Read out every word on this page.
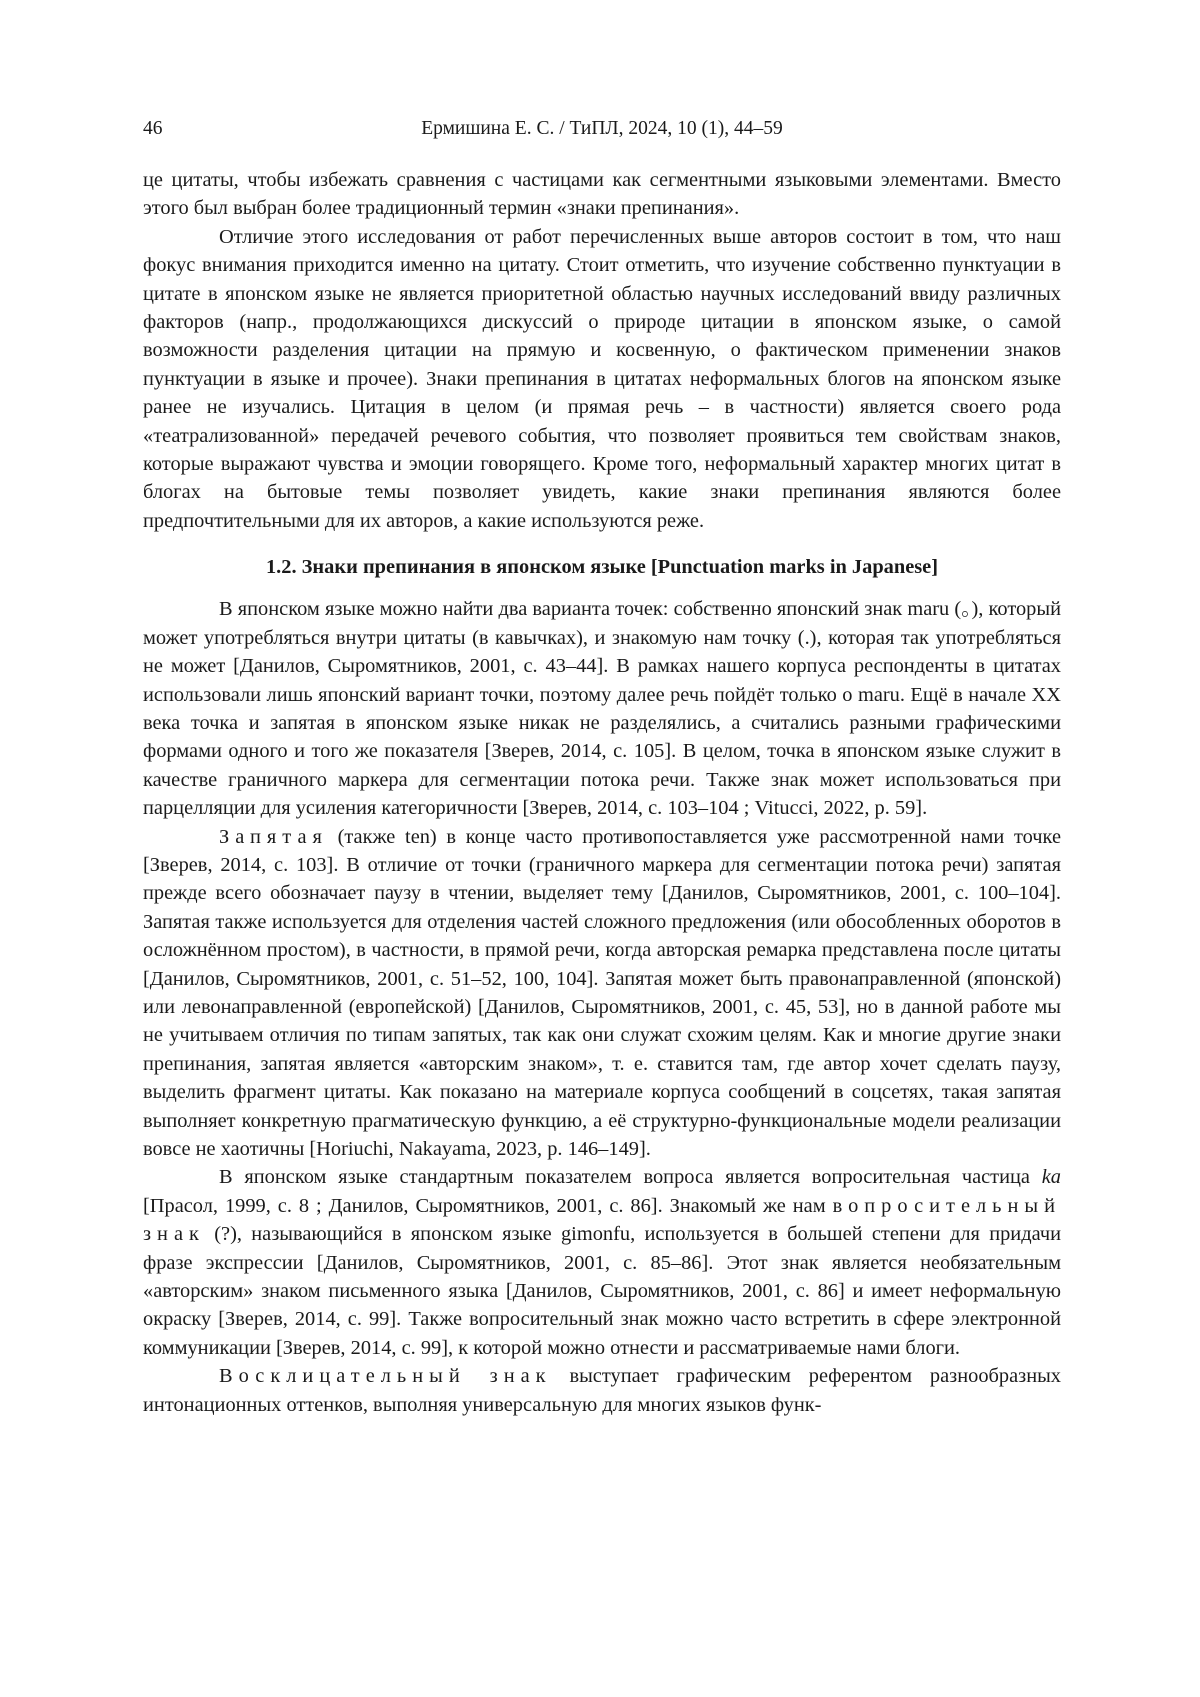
46	Ермишина Е. С. / ТиПЛ, 2024, 10 (1), 44–59

це цитаты, чтобы избежать сравнения с частицами как сегментными языковыми элементами. Вместо этого был выбран более традиционный термин «знаки препинания».

Отличие этого исследования от работ перечисленных выше авторов состоит в том, что наш фокус внимания приходится именно на цитату. Стоит отметить, что изучение собственно пунктуации в цитате в японском языке не является приоритетной областью научных исследований ввиду различных факторов (напр., продолжающихся дискуссий о природе цитации в японском языке, о самой возможности разделения цитации на прямую и косвенную, о фактическом применении знаков пунктуации в языке и прочее). Знаки препинания в цитатах неформальных блогов на японском языке ранее не изучались. Цитация в целом (и прямая речь – в частности) является своего рода «театрализованной» передачей речевого события, что позволяет проявиться тем свойствам знаков, которые выражают чувства и эмоции говорящего. Кроме того, неформальный характер многих цитат в блогах на бытовые темы позволяет увидеть, какие знаки препинания являются более предпочтительными для их авторов, а какие используются реже.

1.2. Знаки препинания в японском языке [Punctuation marks in Japanese]

В японском языке можно найти два варианта точек: собственно японский знак maru (。), который может употребляться внутри цитаты (в кавычках), и знакомую нам точку (.), которая так употребляться не может [Данилов, Сыромятников, 2001, с. 43–44]. В рамках нашего корпуса респонденты в цитатах использовали лишь японский вариант точки, поэтому далее речь пойдёт только о maru. Ещё в начале XX века точка и запятая в японском языке никак не разделялись, а считались разными графическими формами одного и того же показателя [Зверев, 2014, с. 105]. В целом, точка в японском языке служит в качестве граничного маркера для сегментации потока речи. Также знак может использоваться при парцелляции для усиления категоричности [Зверев, 2014, с. 103–104 ; Vitucci, 2022, p. 59].

Запятая (также ten) в конце часто противопоставляется уже рассмотренной нами точке [Зверев, 2014, с. 103]. В отличие от точки (граничного маркера для сегментации потока речи) запятая прежде всего обозначает паузу в чтении, выделяет тему [Данилов, Сыромятников, 2001, с. 100–104]. Запятая также используется для отделения частей сложного предложения (или обособленных оборотов в осложнённом простом), в частности, в прямой речи, когда авторская ремарка представлена после цитаты [Данилов, Сыромятников, 2001, с. 51–52, 100, 104]. Запятая может быть правонаправленной (японской) или левонаправленной (европейской) [Данилов, Сыромятников, 2001, с. 45, 53], но в данной работе мы не учитываем отличия по типам запятых, так как они служат схожим целям. Как и многие другие знаки препинания, запятая является «авторским знаком», т. е. ставится там, где автор хочет сделать паузу, выделить фрагмент цитаты. Как показано на материале корпуса сообщений в соцсетях, такая запятая выполняет конкретную прагматическую функцию, а её структурно-функциональные модели реализации вовсе не хаотичны [Horiuchi, Nakayama, 2023, p. 146–149].

В японском языке стандартным показателем вопроса является вопросительная частица ka [Прасол, 1999, с. 8 ; Данилов, Сыромятников, 2001, с. 86]. Знакомый же нам вопросительный знак (?), называющийся в японском языке gimonfu, используется в большей степени для придачи фразе экспрессии [Данилов, Сыромятников, 2001, с. 85–86]. Этот знак является необязательным «авторским» знаком письменного языка [Данилов, Сыромятников, 2001, с. 86] и имеет неформальную окраску [Зверев, 2014, с. 99]. Также вопросительный знак можно часто встретить в сфере электронной коммуникации [Зверев, 2014, с. 99], к которой можно отнести и рассматриваемые нами блоги.

Восклицательный знак выступает графическим референтом разнообразных интонационных оттенков, выполняя универсальную для многих языков функ-
